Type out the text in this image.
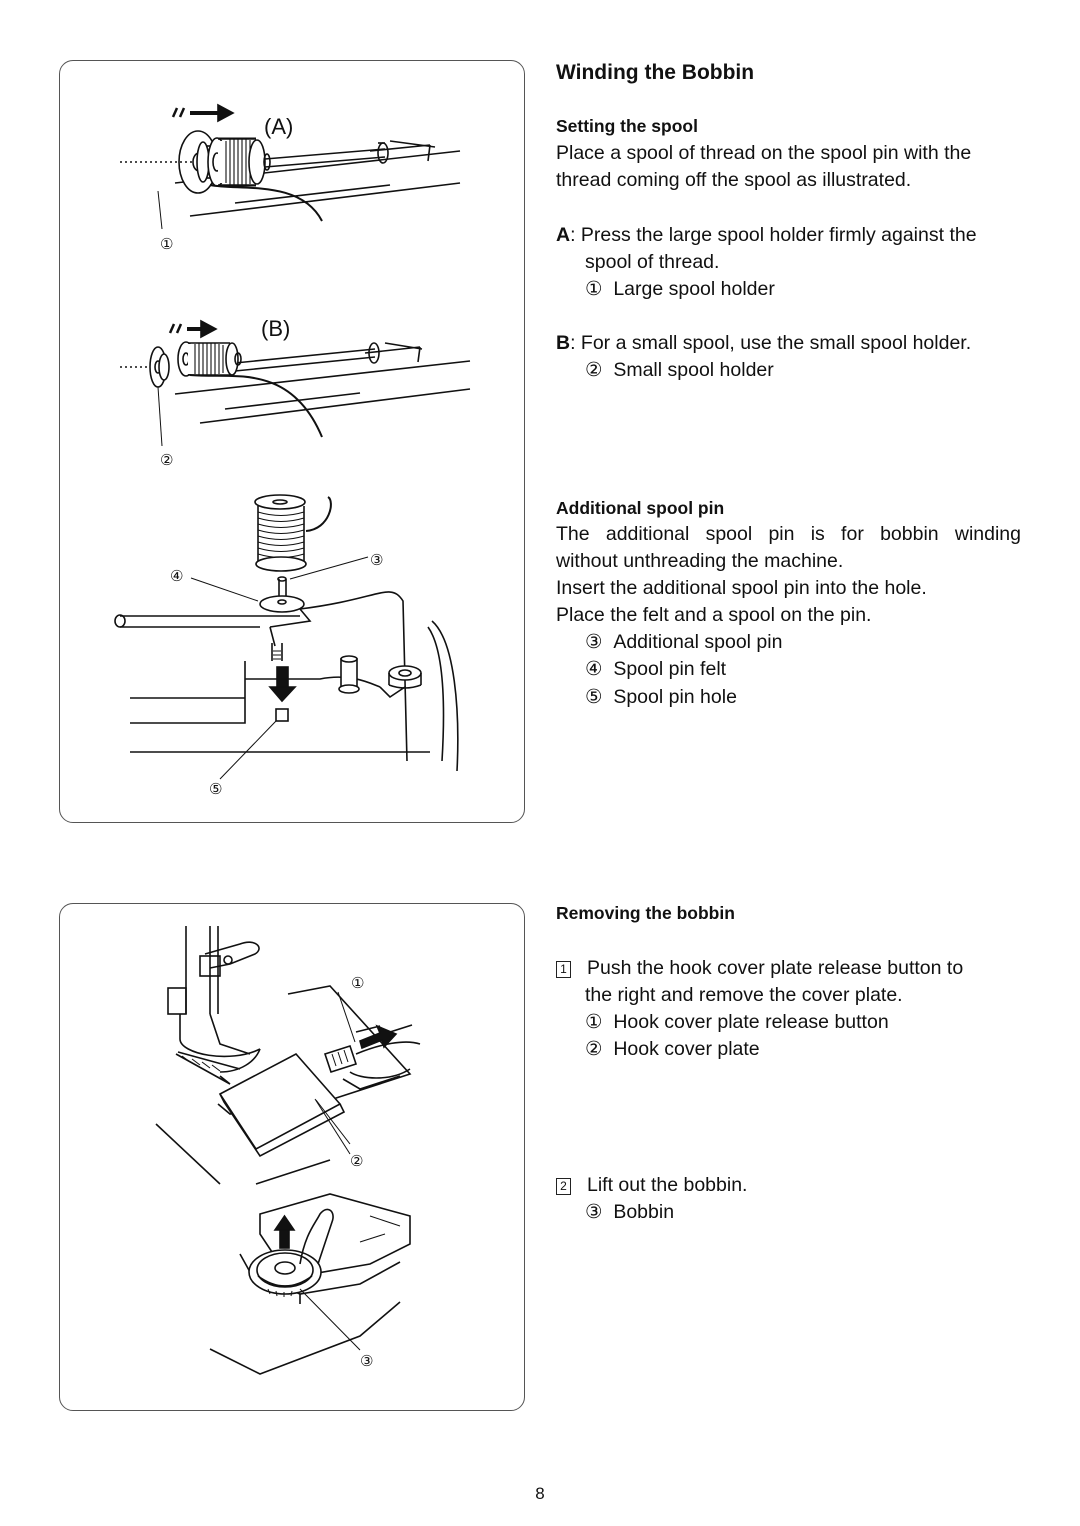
①
②
③
④
⑤
(A)
(B)
①
②
③
Winding the Bobbin
Setting the spool
Place a spool of thread on the spool pin with the
thread coming off the spool as illustrated.
A: Press the large spool holder firmly against the
spool of thread.
① Large spool holder
B: For a small spool, use the small spool holder.
② Small spool holder
Additional spool pin
The additional spool pin is for bobbin winding
without unthreading the machine.
Insert the additional spool pin into the hole.
Place the felt and a spool on the pin.
③ Additional spool pin
④ Spool pin felt
⑤ Spool pin hole
Removing the bobbin
1 Push the hook cover plate release button to
the right and remove the cover plate.
① Hook cover plate release button
② Hook cover plate
2 Lift out the bobbin.
③ Bobbin
8
